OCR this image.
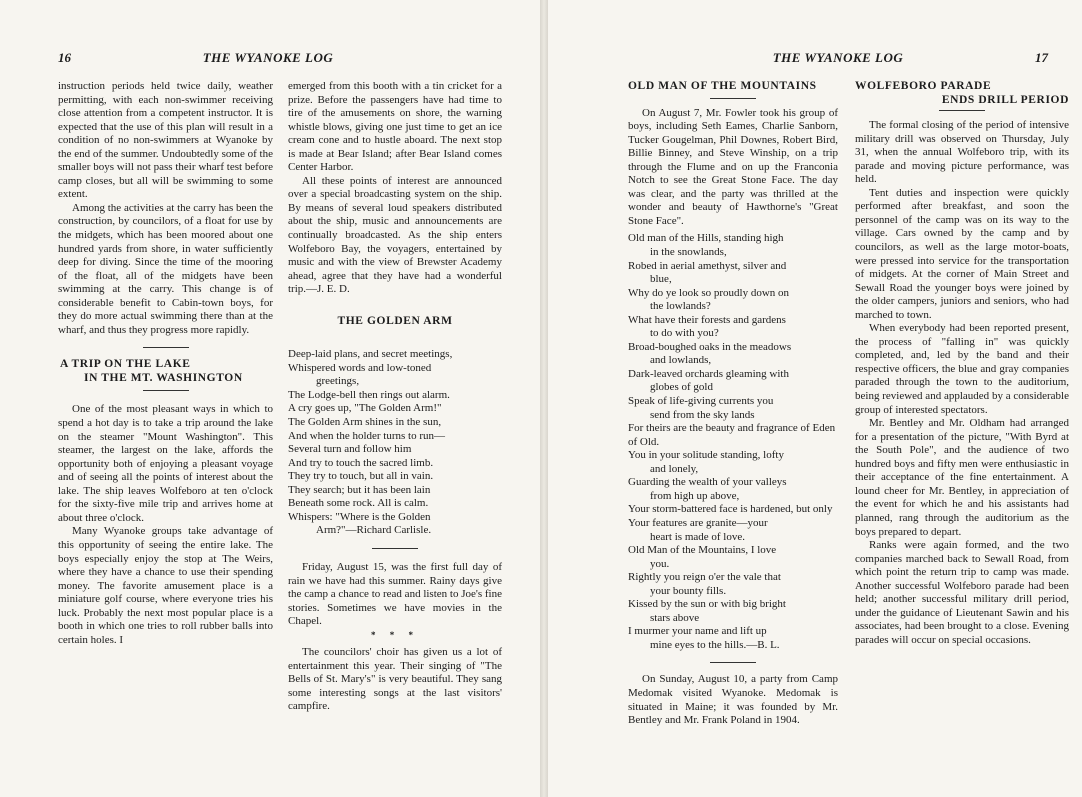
16	THE WYANOKE LOG

instruction periods held twice daily, weather permitting, with each non-swimmer receiving close attention from a competent instructor. It is expected that the use of this plan will result in a condition of no non-swimmers at Wyanoke by the end of the summer. Undoubtedly some of the smaller boys will not pass their wharf test before camp closes, but all will be swimming to some extent.

Among the activities at the carry has been the construction, by councilors, of a float for use by the midgets, which has been moored about one hundred yards from shore, in water sufficiently deep for diving. Since the time of the mooring of the float, all of the midgets have been swimming at the carry. This change is of considerable benefit to Cabin-town boys, for they do more actual swimming there than at the wharf, and thus they progress more rapidly.

A TRIP ON THE LAKE
IN THE MT. WASHINGTON

One of the most pleasant ways in which to spend a hot day is to take a trip around the lake on the steamer "Mount Washington". This steamer, the largest on the lake, affords the opportunity both of enjoying a pleasant voyage and of seeing all the points of interest about the lake. The ship leaves Wolfeboro at ten o'clock for the sixty-five mile trip and arrives home at about three o'clock.

Many Wyanoke groups take advantage of this opportunity of seeing the entire lake. The boys especially enjoy the stop at The Weirs, where they have a chance to use their spending money. The favorite amusement place is a miniature golf course, where everyone tries his luck. Probably the next most popular place is a booth in which one tries to roll rubber balls into certain holes. I

emerged from this booth with a tin cricket for a prize. Before the passengers have had time to tire of the amusements on shore, the warning whistle blows, giving one just time to get an ice cream cone and to hustle aboard. The next stop is made at Bear Island; after Bear Island comes Center Harbor.

All these points of interest are announced over a special broadcasting system on the ship. By means of several loud speakers distributed about the ship, music and announcements are continually broadcasted. As the ship enters Wolfeboro Bay, the voyagers, entertained by music and with the view of Brewster Academy ahead, agree that they have had a wonderful trip.—J. E. D.

THE GOLDEN ARM

Deep-laid plans, and secret meetings,

Whispered words and low-toned

greetings,

The Lodge-bell then rings out alarm.

A cry goes up, "The Golden Arm!"

The Golden Arm shines in the sun,

And when the holder turns to run—

Several turn and follow him

And try to touch the sacred limb.

They try to touch, but all in vain.

They search; but it has been lain

Beneath some rock. All is calm.

Whispers: "Where is the Golden

Arm?"—Richard Carlisle.

Friday, August 15, was the first full day of rain we have had this summer. Rainy days give the camp a chance to read and listen to Joe's fine stories. Sometimes we have movies in the Chapel.

* * *

The councilors' choir has given us a lot of entertainment this year. Their singing of "The Bells of St. Mary's" is very beautiful. They sang some interesting songs at the last visitors' campfire.

THE WYANOKE LOG	17
OLD MAN OF THE MOUNTAINS

On August 7, Mr. Fowler took his group of boys, including Seth Eames, Charlie Sanborn, Tucker Gougelman, Phil Downes, Robert Bird, Billie Binney, and Steve Winship, on a trip through the Flume and on up the Franconia Notch to see the Great Stone Face. The day was clear, and the party was thrilled at the wonder and beauty of Hawthorne's "Great Stone Face".

Old man of the Hills, standing high

in the snowlands,

Robed in aerial amethyst, silver and

blue,

Why do ye look so proudly down on

the lowlands?

What have their forests and gardens

to do with you?

Broad-boughed oaks in the meadows

and lowlands,

Dark-leaved orchards gleaming with

globes of gold

Speak of life-giving currents you

send from the sky lands

For theirs are the beauty and fragrance of Eden of Old.

You in your solitude standing, lofty

and lonely,

Guarding the wealth of your valleys

from high up above,

Your storm-battered face is hardened, but only

Your features are granite—your

heart is made of love.

Old Man of the Mountains, I love

you.

Rightly you reign o'er the vale that

your bounty fills.

Kissed by the sun or with big bright

stars above

I murmer your name and lift up

mine eyes to the hills.—B. L.

On Sunday, August 10, a party from Camp Medomak visited Wyanoke. Medomak is situated in Maine; it was founded by Mr. Bentley and Mr. Frank Poland in 1904.

WOLFEBORO PARADE
ENDS DRILL PERIOD

The formal closing of the period of intensive military drill was observed on Thursday, July 31, when the annual Wolfeboro trip, with its parade and moving picture performance, was held.

Tent duties and inspection were quickly performed after breakfast, and soon the personnel of the camp was on its way to the village. Cars owned by the camp and by councilors, as well as the large motor-boats, were pressed into service for the transportation of midgets. At the corner of Main Street and Sewall Road the younger boys were joined by the older campers, juniors and seniors, who had marched to town.

When everybody had been reported present, the process of "falling in" was quickly completed, and, led by the band and their respective officers, the blue and gray companies paraded through the town to the auditorium, being reviewed and applauded by a considerable group of interested spectators.

Mr. Bentley and Mr. Oldham had arranged for a presentation of the picture, "With Byrd at the South Pole", and the audience of two hundred boys and fifty men were enthusiastic in their acceptance of the fine entertainment. A lound cheer for Mr. Bentley, in appreciation of the event for which he and his assistants had planned, rang through the auditorium as the boys prepared to depart.

Ranks were again formed, and the two companies marched back to Sewall Road, from which point the return trip to camp was made. Another successful Wolfeboro parade had been held; another successful military drill period, under the guidance of Lieutenant Sawin and his associates, had been brought to a close. Evening parades will occur on special occasions.
